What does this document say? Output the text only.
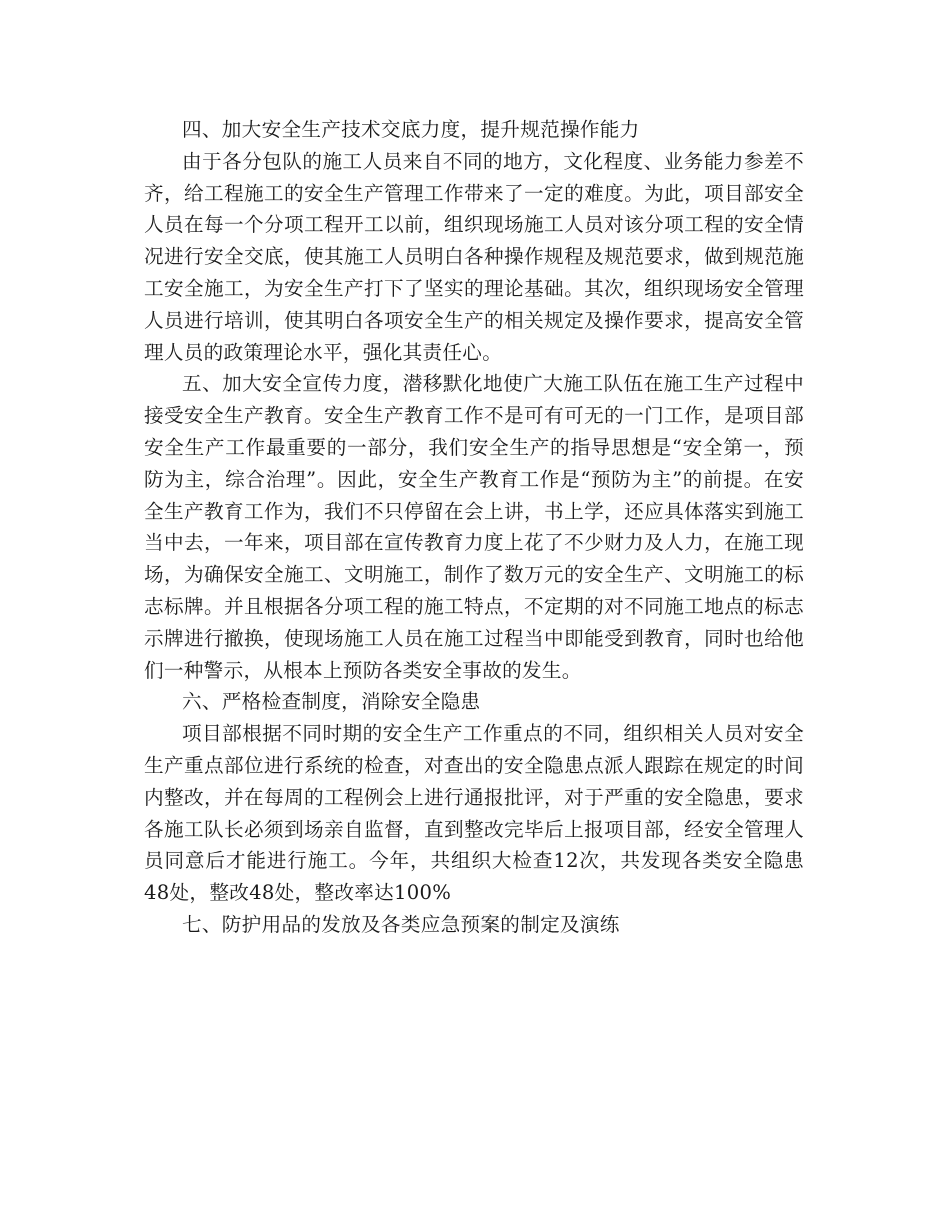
四、加大安全生产技术交底力度，提升规范操作能力

由于各分包队的施工人员来自不同的地方，文化程度、业务能力参差不齐，给工程施工的安全生产管理工作带来了一定的难度。为此，项目部安全人员在每一个分项工程开工以前，组织现场施工人员对该分项工程的安全情况进行安全交底，使其施工人员明白各种操作规程及规范要求，做到规范施工安全施工，为安全生产打下了坚实的理论基础。其次，组织现场安全管理人员进行培训，使其明白各项安全生产的相关规定及操作要求，提高安全管理人员的政策理论水平，强化其责任心。

五、加大安全宣传力度，潜移默化地使广大施工队伍在施工生产过程中接受安全生产教育。安全生产教育工作不是可有可无的一门工作，是项目部安全生产工作最重要的一部分，我们安全生产的指导思想是“安全第一，预防为主，综合治理”。因此，安全生产教育工作是“预防为主”的前提。在安全生产教育工作为，我们不只停留在会上讲，书上学，还应具体落实到施工当中去，一年来，项目部在宣传教育力度上花了不少财力及人力，在施工现场，为确保安全施工、文明施工，制作了数万元的安全生产、文明施工的标志标牌。并且根据各分项工程的施工特点，不定期的对不同施工地点的标志示牌进行撤换，使现场施工人员在施工过程当中即能受到教育，同时也给他们一种警示，从根本上预防各类安全事故的发生。

六、严格检查制度，消除安全隐患

项目部根据不同时期的安全生产工作重点的不同，组织相关人员对安全生产重点部位进行系统的检查，对查出的安全隐患点派人跟踪在规定的时间内整改，并在每周的工程例会上进行通报批评，对于严重的安全隐患，要求各施工队长必须到场亲自监督，直到整改完毕后上报项目部，经安全管理人员同意后才能进行施工。今年，共组织大检查12次，共发现各类安全隐患48处，整改48处，整改率达100%

七、防护用品的发放及各类应急预案的制定及演练
